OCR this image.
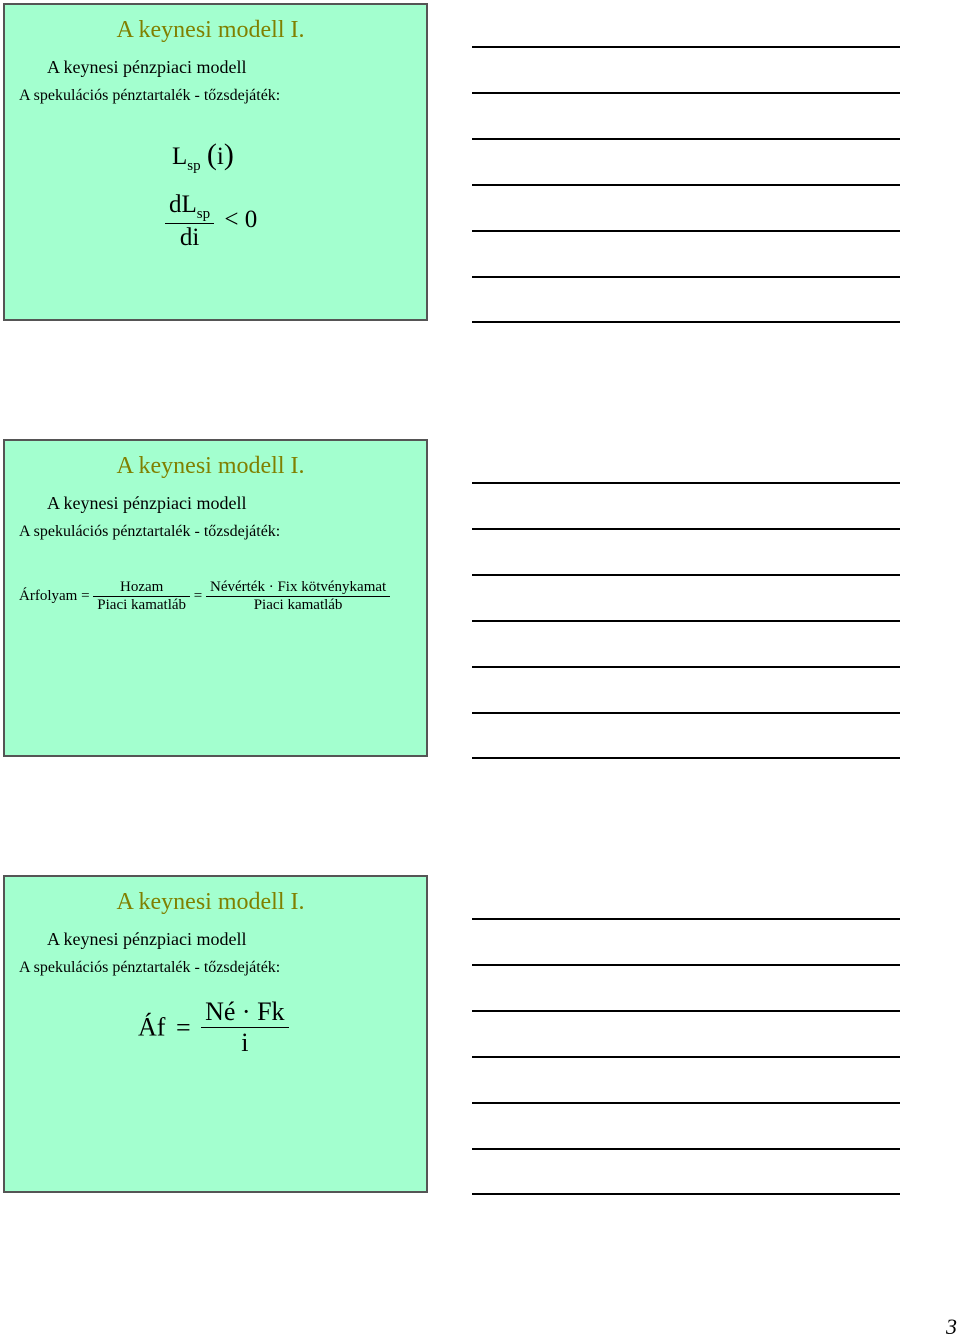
A keynesi modell I.
A keynesi pénzpiaci modell
A spekulációs pénztartalék - tőzsdejáték:
$L_{sp}$ (i)
$\frac{dL_{sp}}{di} < 0$
A keynesi modell I.
A keynesi pénzpiaci modell
A spekulációs pénztartalék - tőzsdejáték:
Árfolyam = $\frac{\text{Hozam}}{\text{Piaci kamatláb}} = \frac{\text{Névérték · Fix kötvénykamat}}{\text{Piaci kamatláb}}$
A keynesi modell I.
A keynesi pénzpiaci modell
A spekulációs pénztartalék - tőzsdejáték:
Áf = $\frac{Né \cdot Fk}{i}$
3
